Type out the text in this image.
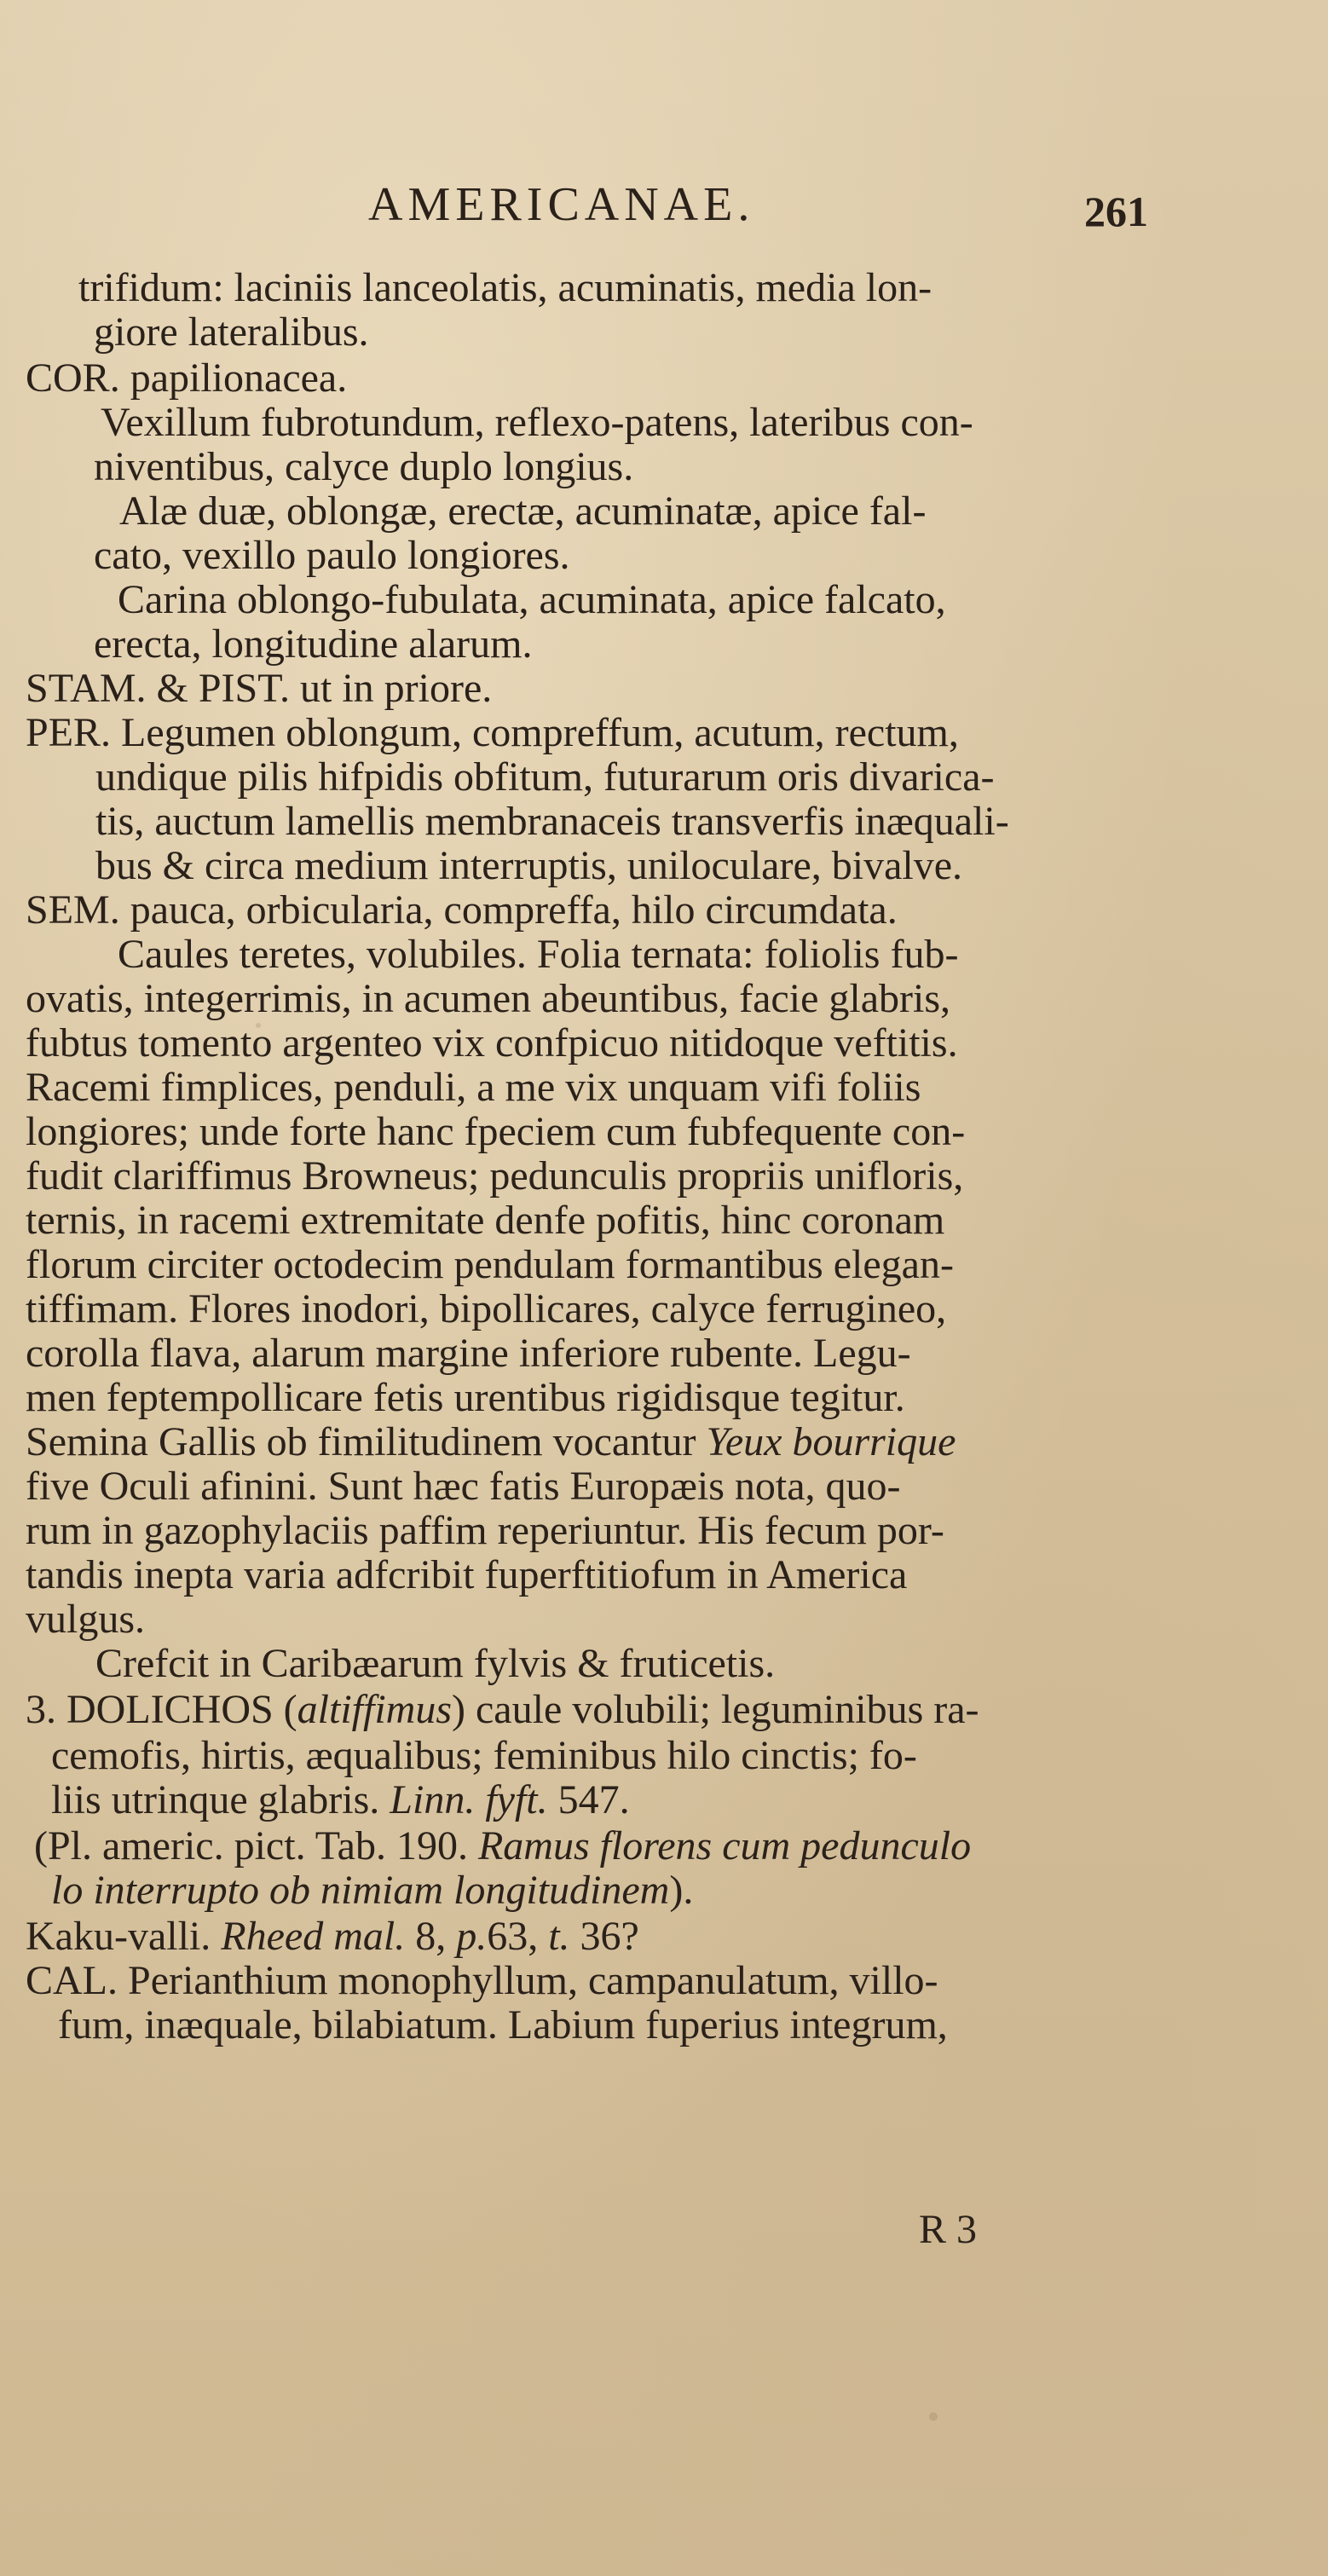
AMERICANAE.	261
trifidum: laciniis lanceolatis, acuminatis, media lon-
giore lateralibus.
COR. papilionacea.
Vexillum fubrotundum, reflexo-patens, lateribus con-
niventibus, calyce duplo longius.
Alæ duæ, oblongæ, erectæ, acuminatæ, apice fal-
cato, vexillo paulo longiores.
Carina oblongo-fubulata, acuminata, apice falcato,
erecta, longitudine alarum.
STAM. & PIST. ut in priore.
PER. Legumen oblongum, compreffum, acutum, rectum,
undique pilis hifpidis obfitum, futurarum oris divarica-
tis, auctum lamellis membranaceis transverfis inæquali-
bus & circa medium interruptis, uniloculare, bivalve.
SEM. pauca, orbicularia, compreffa, hilo circumdata.
Caules teretes, volubiles. Folia ternata: foliolis fub-
ovatis, integerrimis, in acumen abeuntibus, facie glabris,
fubtus tomento argenteo vix confpicuo nitidoque veftitis.
Racemi fimplices, penduli, a me vix unquam vifi foliis
longiores; unde forte hanc fpeciem cum fubfequente con-
fudit clariffimus Browneus; pedunculis propriis unifloris,
ternis, in racemi extremitate denfe pofitis, hinc coronam
florum circiter octodecim pendulam formantibus elegan-
tiffimam. Flores inodori, bipollicares, calyce ferrugineo,
corolla flava, alarum margine inferiore rubente. Legu-
men feptempollicare fetis urentibus rigidisque tegitur.
Semina Gallis ob fimilitudinem vocantur Yeux bourrique
five Oculi afinini. Sunt hæc fatis Europæis nota, quo-
rum in gazophylaciis paffim reperiuntur. His fecum por-
tandis inepta varia adfcribit fuperftitiofum in America
vulgus.
Crefcit in Caribæarum fylvis & fruticetis.
3. DOLICHOS (altiffimus) caule volubili; leguminibus ra-
cemofis, hirtis, æqualibus; feminibus hilo cinctis; fo-
liis utrinque glabris. Linn. fyft. 547.
(Pl. americ. pict. Tab. 190. Ramus florens cum pedunculo
lo interrupto ob nimiam longitudinem).
Kaku-valli. Rheed mal. 8, p.63, t. 36?
CAL. Perianthium monophyllum, campanulatum, villo-
fum, inæquale, bilabiatum. Labium fuperius integrum,
R 3
